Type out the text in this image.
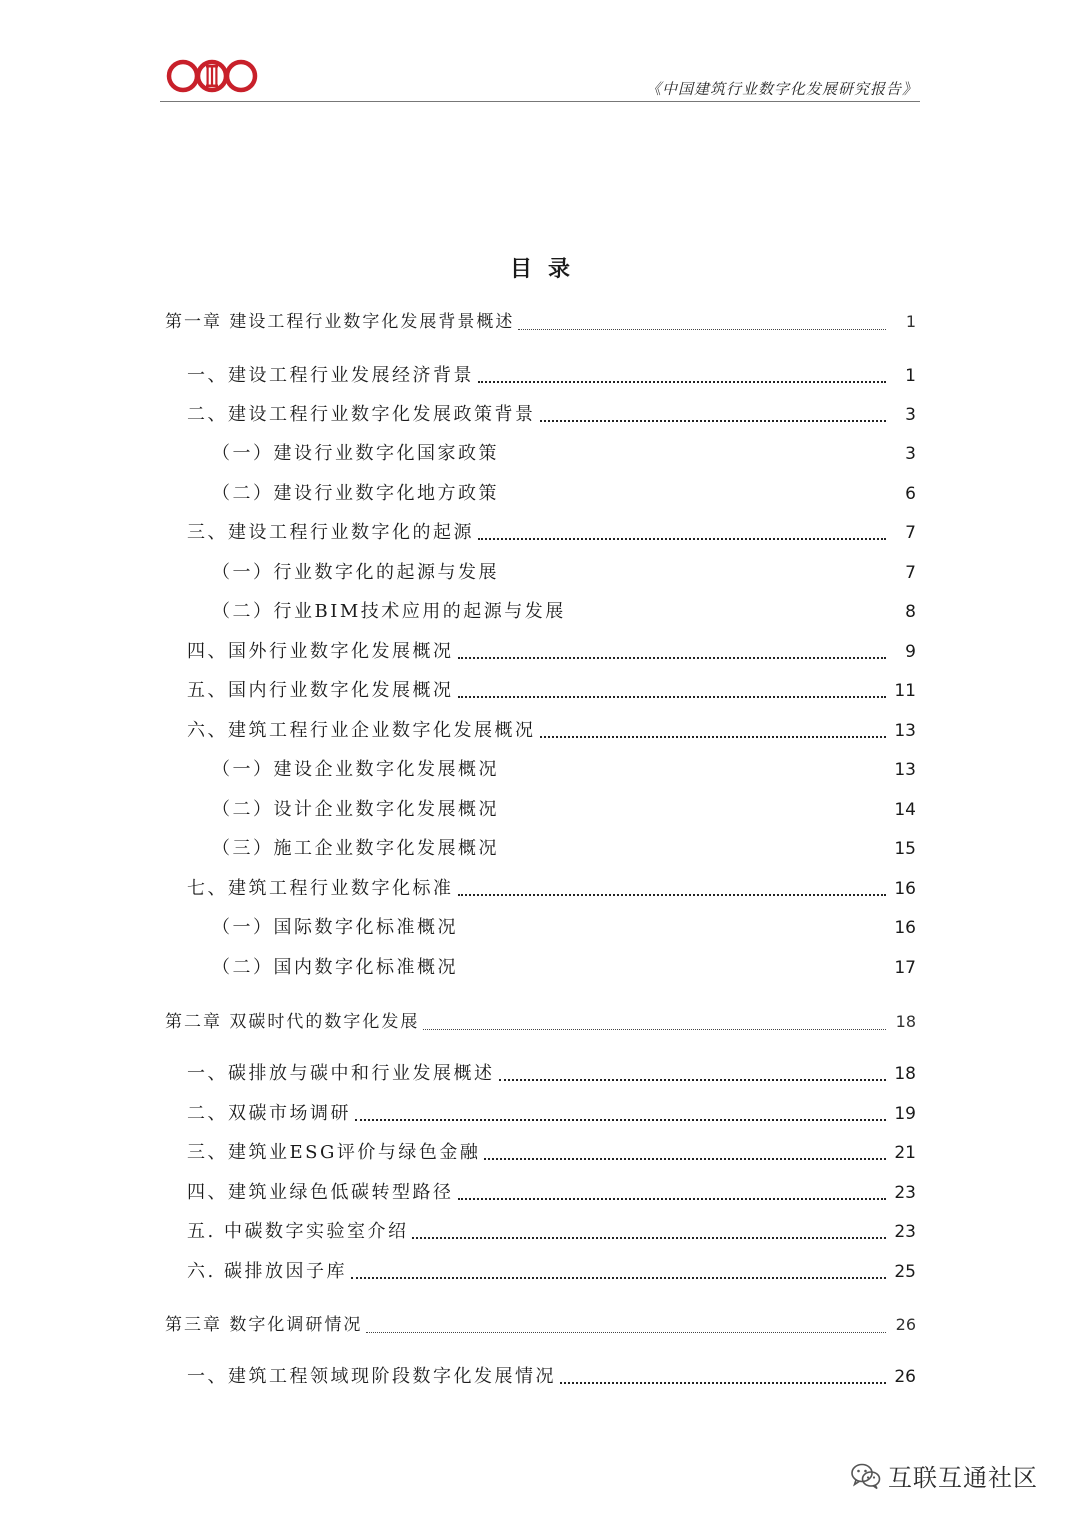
《中国建筑行业数字化发展研究报告》
目录
第一章 建设工程行业数字化发展背景概述	1
一、建设工程行业发展经济背景	1
二、建设工程行业数字化发展政策背景	3
（一）建设行业数字化国家政策	3
（二）建设行业数字化地方政策	6
三、建设工程行业数字化的起源	7
（一）行业数字化的起源与发展	7
（二）行业BIM技术应用的起源与发展	8
四、国外行业数字化发展概况	9
五、国内行业数字化发展概况	11
六、建筑工程行业企业数字化发展概况	13
（一）建设企业数字化发展概况	13
（二）设计企业数字化发展概况	14
（三）施工企业数字化发展概况	15
七、建筑工程行业数字化标准	16
（一）国际数字化标准概况	16
（二）国内数字化标准概况	17
第二章 双碳时代的数字化发展	18
一、碳排放与碳中和行业发展概述	18
二、双碳市场调研	19
三、建筑业ESG评价与绿色金融	21
四、建筑业绿色低碳转型路径	23
五. 中碳数字实验室介绍	23
六. 碳排放因子库	25
第三章 数字化调研情况	26
一、建筑工程领域现阶段数字化发展情况	26
互联互通社区
